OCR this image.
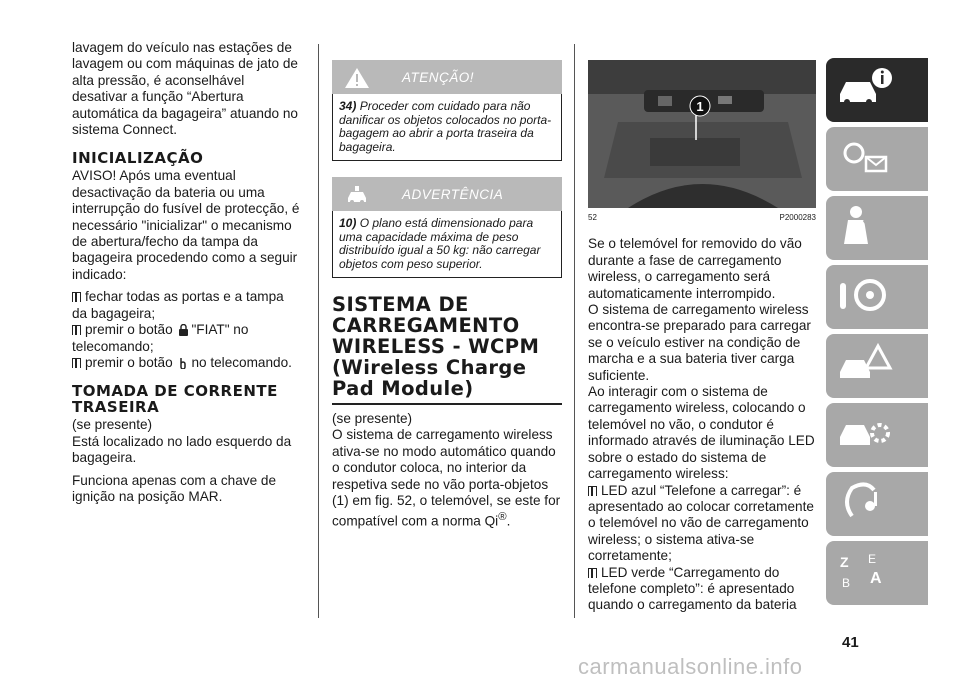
lavagem do veículo nas estações de lavagem ou com máquinas de jato de alta pressão, é aconselhável desativar a função “Abertura automática da bagageira” atuando no sistema Connect.

INICIALIZAÇÃO

AVISO! Após uma eventual desactivação da bateria ou uma interrupção do fusível de protecção, é necessário "inicializar" o mecanismo de abertura/fecho da tampa da bagageira procedendo como a seguir indicado:

fechar todas as portas e a tampa da bagageira;
premir o botão "FIAT" no telecomando;
premir o botão no telecomando.
TOMADA DE CORRENTE TRASEIRA

(se presente)

Está localizado no lado esquerdo da bagageira.

Funciona apenas com a chave de ignição na posição MAR.

ATENÇÃO!
34) Proceder com cuidado para não danificar os objetos colocados no porta-bagagem ao abrir a porta traseira da bagageira.
ADVERTÊNCIA
10) O plano está dimensionado para uma capacidade máxima de peso distribuído igual a 50 kg: não carregar objetos com peso superior.
SISTEMA DE CARREGAMENTO WIRELESS - WCPM (Wireless Charge Pad Module)

(se presente)

O sistema de carregamento wireless ativa-se no modo automático quando o condutor coloca, no interior da respetiva sede no vão porta-objetos (1) em fig. 52, o telemóvel, se este for compatível com a norma Qi®.

1
52	P2000283

Se o telemóvel for removido do vão durante a fase de carregamento wireless, o carregamento será automaticamente interrompido.

O sistema de carregamento wireless encontra-se preparado para carregar se o veículo estiver na condição de marcha e a sua bateria tiver carga suficiente.

Ao interagir com o sistema de carregamento wireless, colocando o telemóvel no vão, o condutor é informado através de iluminação LED sobre o estado do sistema de carregamento wireless:

LED azul “Telefone a carregar”: é apresentado ao colocar corretamente o telemóvel no vão de carregamento wireless; o sistema ativa-se corretamente;
LED verde “Carregamento do telefone completo”: é apresentado quando o carregamento da bateria
Z E
B A
41
carmanualsonline.info
